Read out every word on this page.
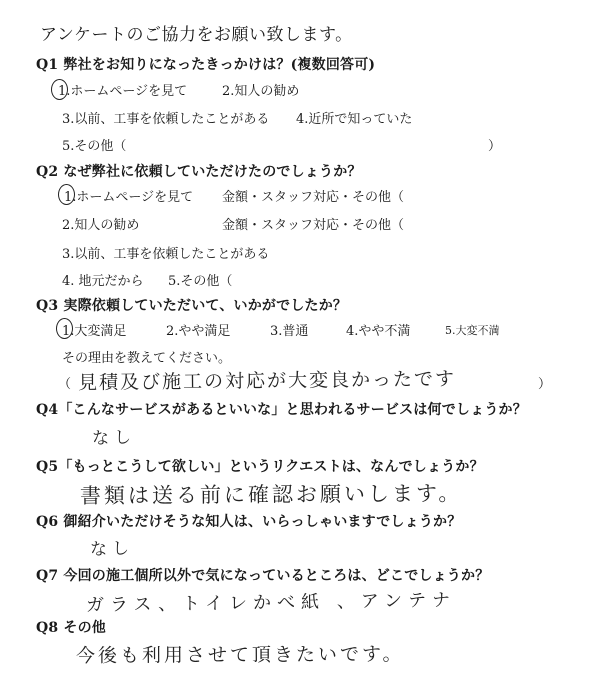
アンケートのご協力をお願い致します。
Q1 弊社をお知りになったきっかけは？(複数回答可)
1.ホームページを見て	2.知人の勧め
3.以前、工事を依頼したことがある 4.近所で知っていた
5.その他（	）
Q2 なぜ弊社に依頼していただけたのでしょうか？
1.ホームページを見て 金額・スタッフ対応・その他（
2.知人の勧め	金額・スタッフ対応・その他（
3.以前、工事を依頼したことがある
4. 地元だから 5.その他（
Q3 実際依頼していただいて、いかがでしたか？
1.大変満足	2.やや満足	3.普通	4.やや不満	5.大変不満
その理由を教えてください。
（ 見積及び施工の対応が大変良かったです	）
Q4「こんなサービスがあるといいな」と思われるサービスは何でしょうか？
なし
Q5「もっとこうして欲しい」というリクエストは、なんでしょうか？
書類は送る前に確認お願いします。
Q6 御紹介いただけそうな知人は、いらっしゃいますでしょうか？
なし
Q7 今回の施工個所以外で気になっているところは、どこでしょうか？
ガラス、トイレかべ紙 、アンテナ
Q8 その他
今後も利用させて頂きたいです。
